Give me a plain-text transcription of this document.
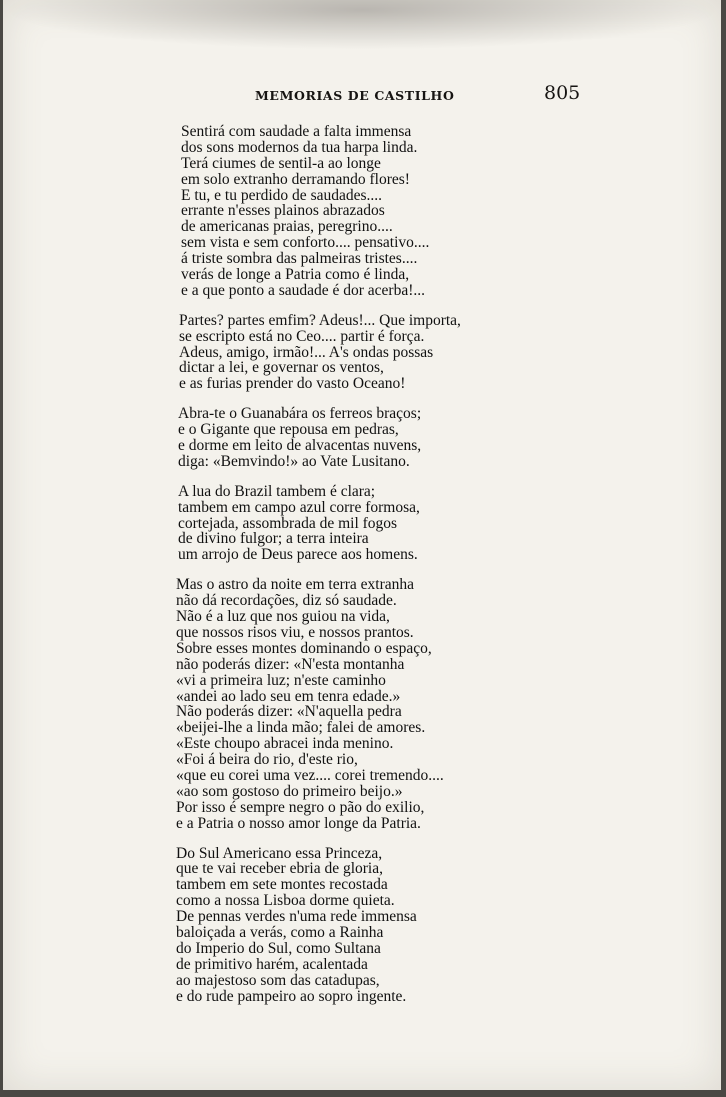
MEMORIAS DE CASTILHO	805
Sentirá com saudade a falta immensa
dos sons modernos da tua harpa linda.
Terá ciumes de sentil-a ao longe
em solo extranho derramando flores!
E tu, e tu perdido de saudades....
errante n'esses plainos abrazados
de americanas praias, peregrino....
sem vista e sem conforto.... pensativo....
á triste sombra das palmeiras tristes....
verás de longe a Patria como é linda,
e a que ponto a saudade é dor acerba!...
Partes? partes emfim? Adeus!... Que importa,
se escripto está no Ceo.... partir é força.
Adeus, amigo, irmão!... A's ondas possas
dictar a lei, e governar os ventos,
e as furias prender do vasto Oceano!
Abra-te o Guanabára os ferreos braços;
e o Gigante que repousa em pedras,
e dorme em leito de alvacentas nuvens,
diga: «Bemvindo!» ao Vate Lusitano.
A lua do Brazil tambem é clara;
tambem em campo azul corre formosa,
cortejada, assombrada de mil fogos
de divino fulgor; a terra inteira
um arrojo de Deus parece aos homens.
Mas o astro da noite em terra extranha
não dá recordações, diz só saudade.
Não é a luz que nos guiou na vida,
que nossos risos viu, e nossos prantos.
Sobre esses montes dominando o espaço,
não poderás dizer: «N'esta montanha
«vi a primeira luz; n'este caminho
«andei ao lado seu em tenra edade.»
Não poderás dizer: «N'aquella pedra
«beijei-lhe a linda mão; falei de amores.
«Este choupo abracei inda menino.
«Foi á beira do rio, d'este rio,
«que eu corei uma vez.... corei tremendo....
«ao som gostoso do primeiro beijo.»
Por isso é sempre negro o pão do exilio,
e a Patria o nosso amor longe da Patria.
Do Sul Americano essa Princeza,
que te vai receber ebria de gloria,
tambem em sete montes recostada
como a nossa Lisboa dorme quieta.
De pennas verdes n'uma rede immensa
baloiçada a verás, como a Rainha
do Imperio do Sul, como Sultana
de primitivo harém, acalentada
ao majestoso som das catadupas,
e do rude pampeiro ao sopro ingente.
